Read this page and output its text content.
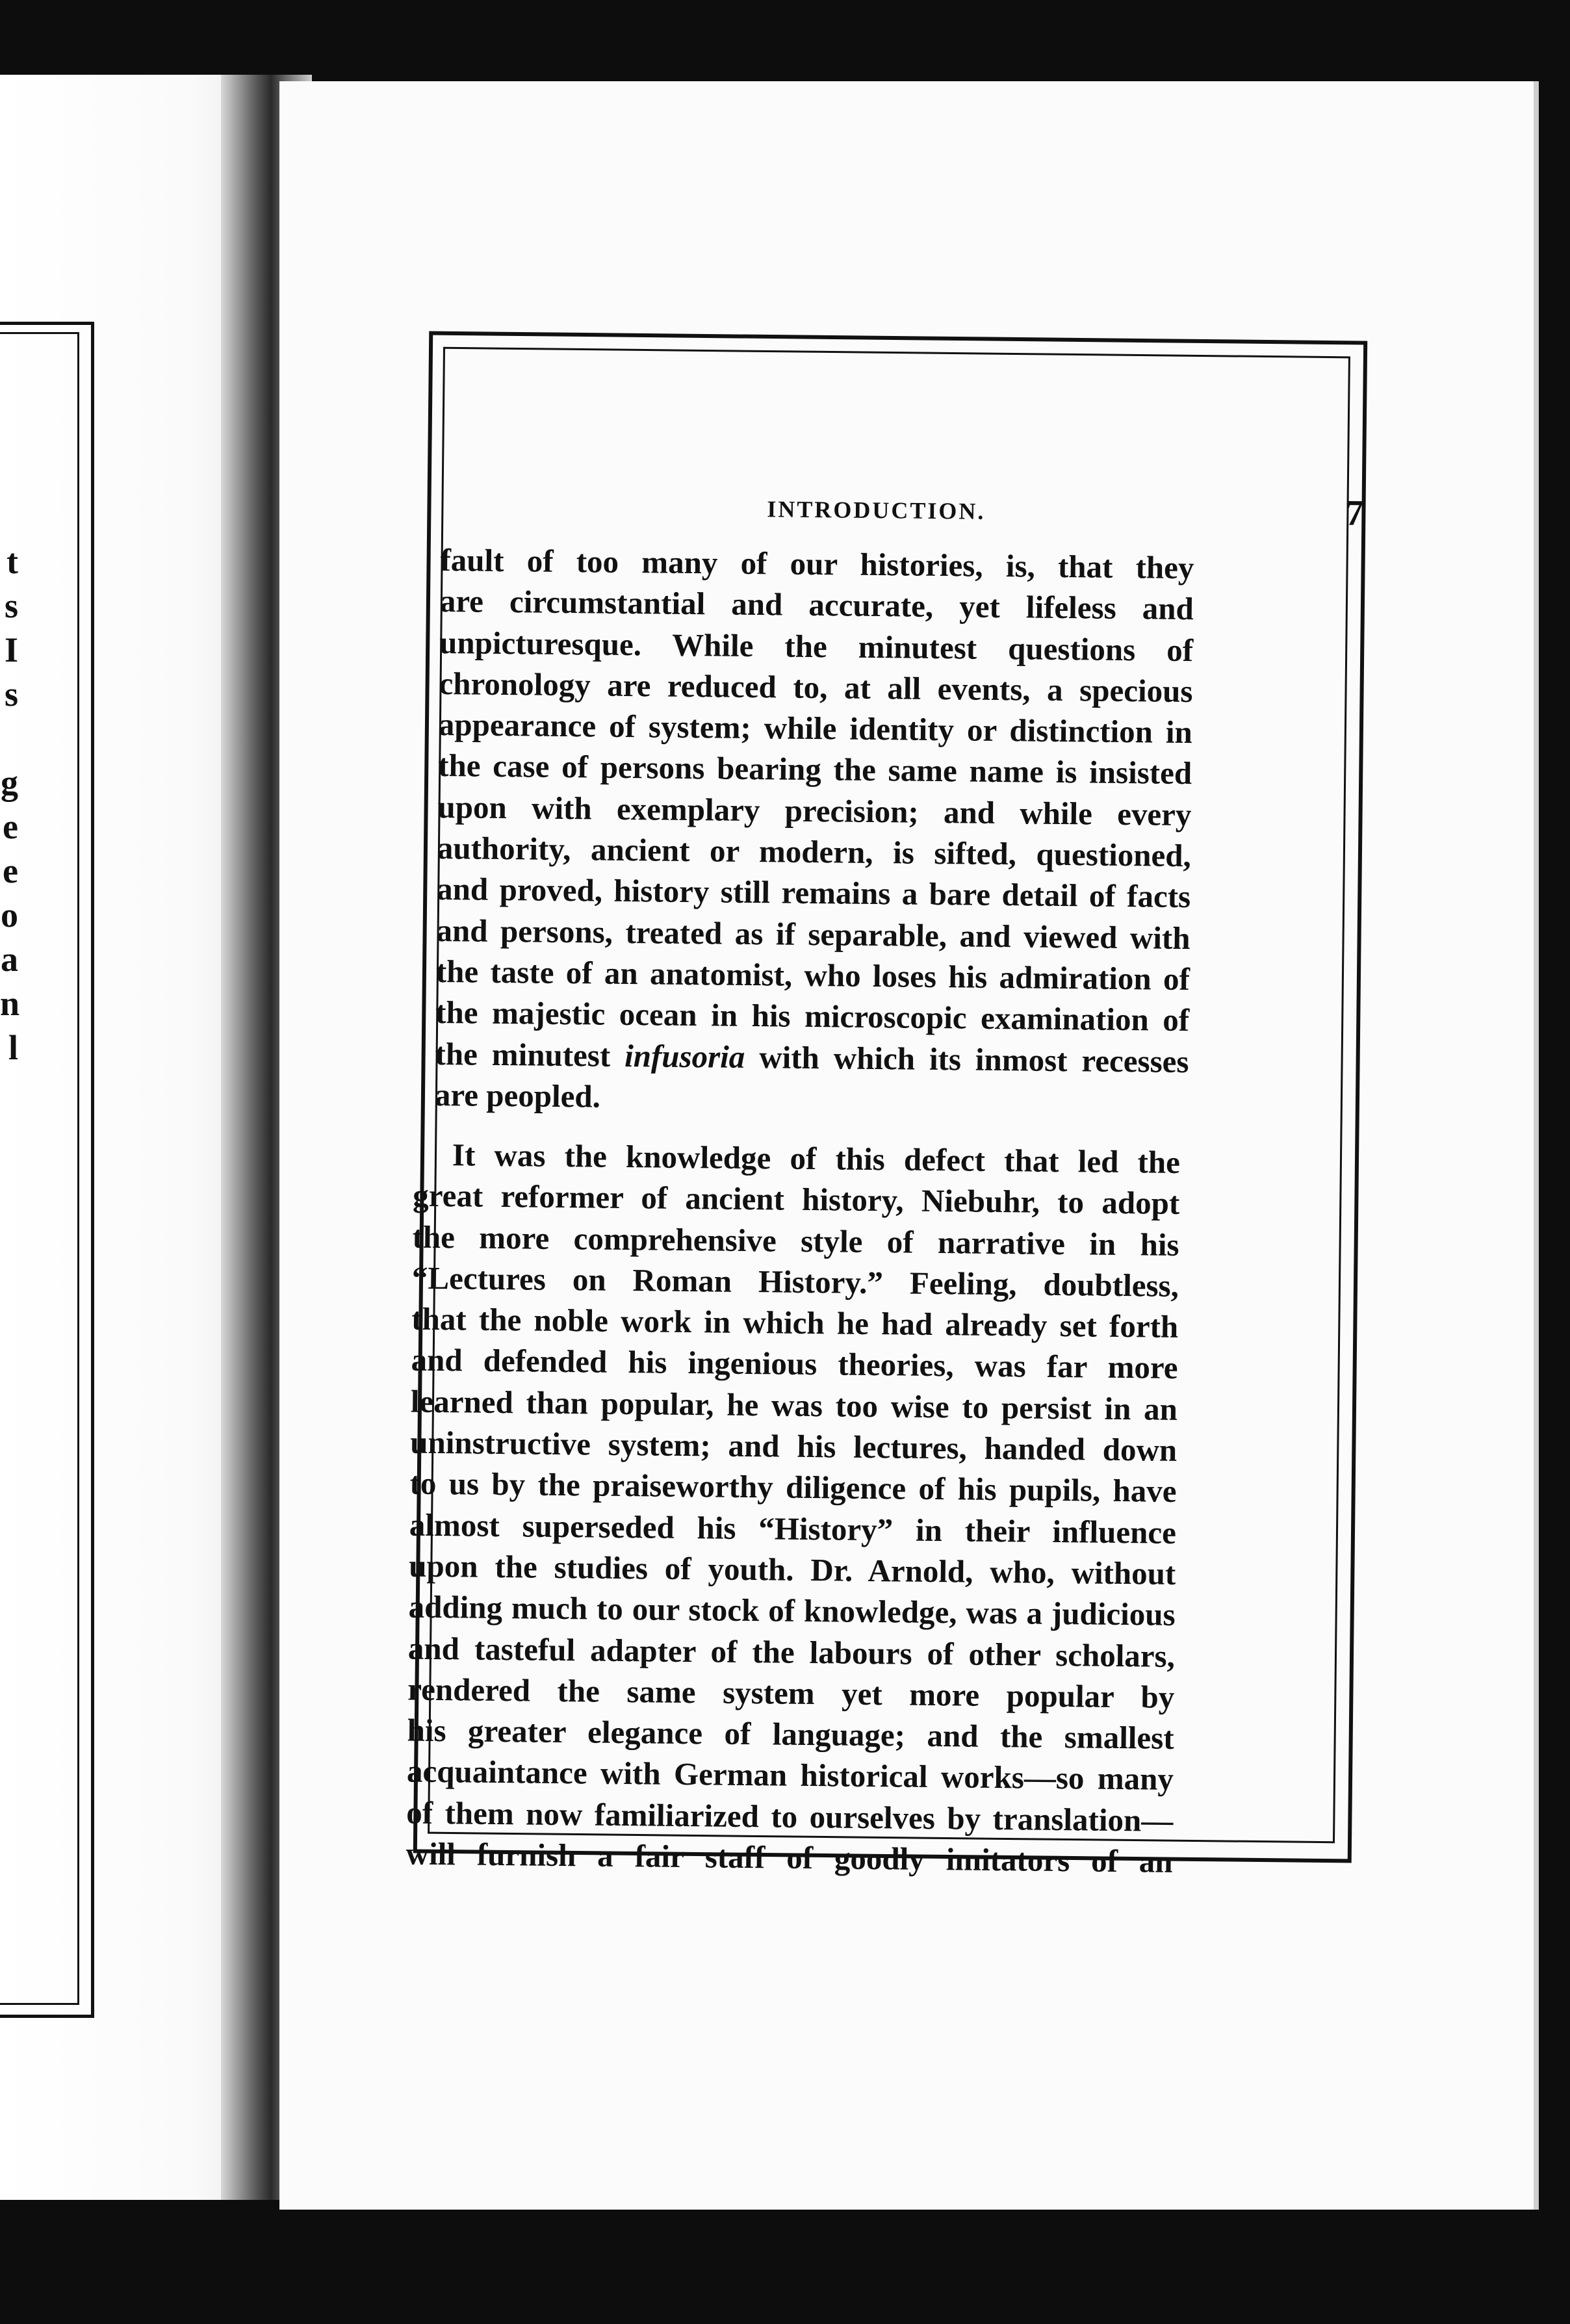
t
s
I
s

g
e
e
o
a
n
l
INTRODUCTION.	7
fault of too many of our histories, is, that they
are circumstantial and accurate, yet lifeless and
unpicturesque. While the minutest questions of
chronology are reduced to, at all events, a specious
appearance of system; while identity or distinction in
the case of persons bearing the same name is insisted
upon with exemplary precision; and while every
authority, ancient or modern, is sifted, questioned,
and proved, history still remains a bare detail of facts
and persons, treated as if separable, and viewed with
the taste of an anatomist, who loses his admiration of
the majestic ocean in his microscopic examination of
the minutest infusoria with which its inmost recesses
are peopled.
It was the knowledge of this defect that led the
great reformer of ancient history, Niebuhr, to adopt
the more comprehensive style of narrative in his
“Lectures on Roman History.” Feeling, doubtless,
that the noble work in which he had already set forth
and defended his ingenious theories, was far more
learned than popular, he was too wise to persist in an
uninstructive system; and his lectures, handed down
to us by the praiseworthy diligence of his pupils, have
almost superseded his “History” in their influence
upon the studies of youth. Dr. Arnold, who, without
adding much to our stock of knowledge, was a judicious
and tasteful adapter of the labours of other scholars,
rendered the same system yet more popular by
his greater elegance of language; and the smallest
acquaintance with German historical works—so many
of them now familiarized to ourselves by translation—
will furnish a fair staff of goodly imitators of an
